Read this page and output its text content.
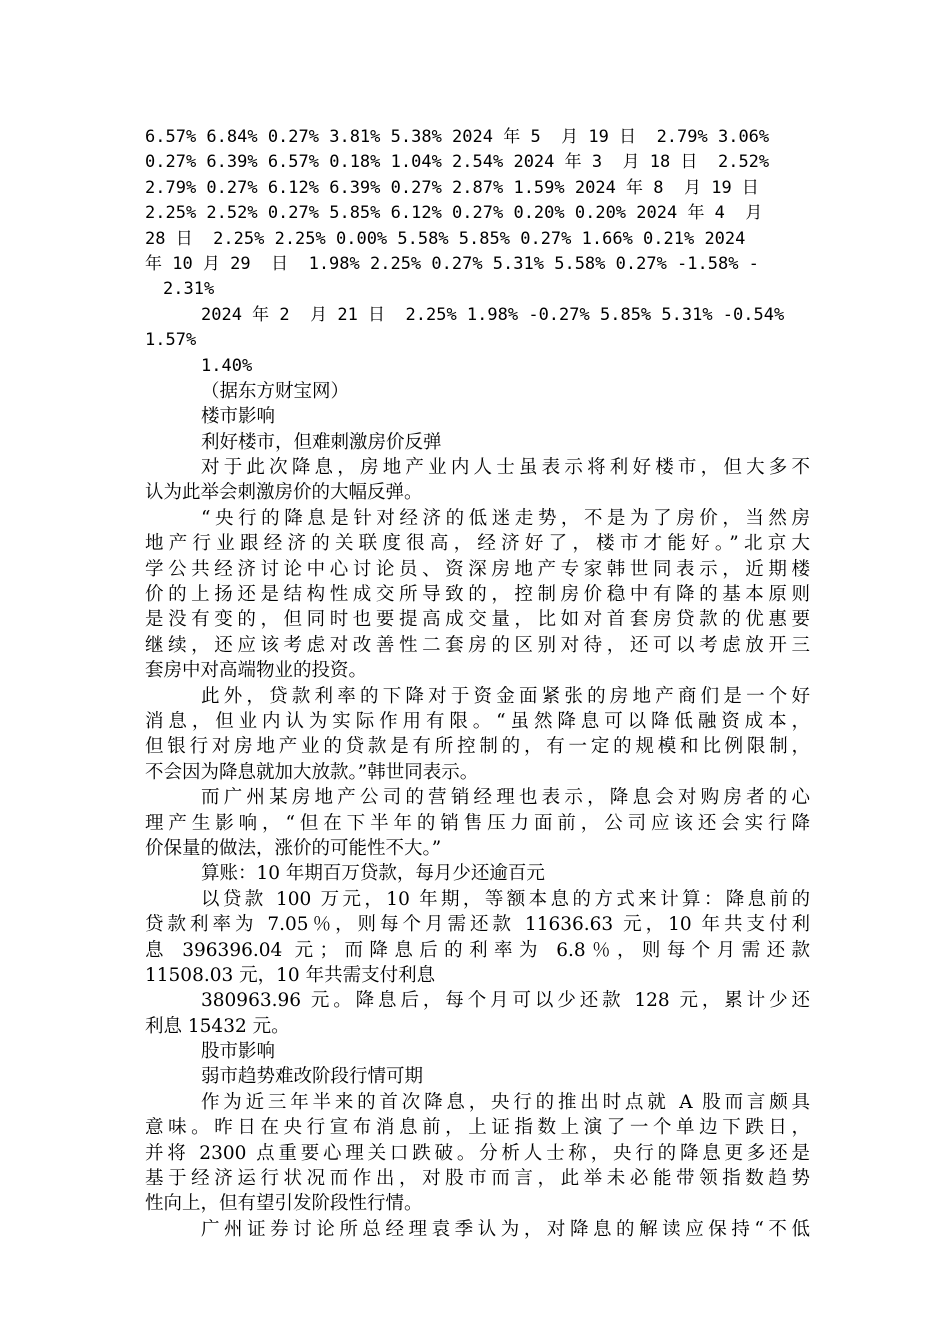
6.57% 6.84% 0.27% 3.81% 5.38% 2024 年 5  月 19 日  2.79% 3.06%
0.27% 6.39% 6.57% 0.18% 1.04% 2.54% 2024 年 3  月 18 日  2.52%
2.79% 0.27% 6.12% 6.39% 0.27% 2.87% 1.59% 2024 年 8  月 19 日
2.25% 2.52% 0.27% 5.85% 6.12% 0.27% 0.20% 0.20% 2024 年 4  月
28 日  2.25% 2.25% 0.00% 5.58% 5.85% 0.27% 1.66% 0.21% 2024
年 10 月 29  日  1.98% 2.25% 0.27% 5.31% 5.58% 0.27% -1.58% -
2.31%
2024 年 2  月 21 日  2.25% 1.98% -0.27% 5.85% 5.31% -0.54%
1.57%
1.40%
（据东方财宝网）
楼市影响
利好楼市，但难刺激房价反弹
对于此次降息，房地产业内人士虽表示将利好楼市，但大多不
认为此举会刺激房价的大幅反弹。
“央行的降息是针对经济的低迷走势，不是为了房价，当然房
地产行业跟经济的关联度很高，经济好了，楼市才能好。”北京大
学公共经济讨论中心讨论员、资深房地产专家韩世同表示，近期楼
价的上扬还是结构性成交所导致的，控制房价稳中有降的基本原则
是没有变的，但同时也要提高成交量，比如对首套房贷款的优惠要
继续，还应该考虑对改善性二套房的区别对待，还可以考虑放开三
套房中对高端物业的投资。
此外，贷款利率的下降对于资金面紧张的房地产商们是一个好
消息，但业内认为实际作用有限。“虽然降息可以降低融资成本，
但银行对房地产业的贷款是有所控制的，有一定的规模和比例限制，
不会因为降息就加大放款。”韩世同表示。
而广州某房地产公司的营销经理也表示，降息会对购房者的心
理产生影响，“但在下半年的销售压力面前，公司应该还会实行降
价保量的做法，涨价的可能性不大。”
算账：10 年期百万贷款，每月少还逾百元
以贷款 100 万元，10 年期，等额本息的方式来计算：降息前的
贷款利率为 7.05％，则每个月需还款 11636.63 元，10 年共支付利
息 396396.04 元；而降息后的利率为 6.8％，则每个月需还款
11508.03 元，10 年共需支付利息
380963.96 元。降息后，每个月可以少还款 128 元，累计少还
利息 15432 元。
股市影响
弱市趋势难改阶段行情可期
作为近三年半来的首次降息，央行的推出时点就 A 股而言颇具
意味。昨日在央行宣布消息前，上证指数上演了一个单边下跌日，
并将 2300 点重要心理关口跌破。分析人士称，央行的降息更多还是
基于经济运行状况而作出，对股市而言，此举未必能带领指数趋势
性向上，但有望引发阶段性行情。
广州证券讨论所总经理袁季认为，对降息的解读应保持“不低
